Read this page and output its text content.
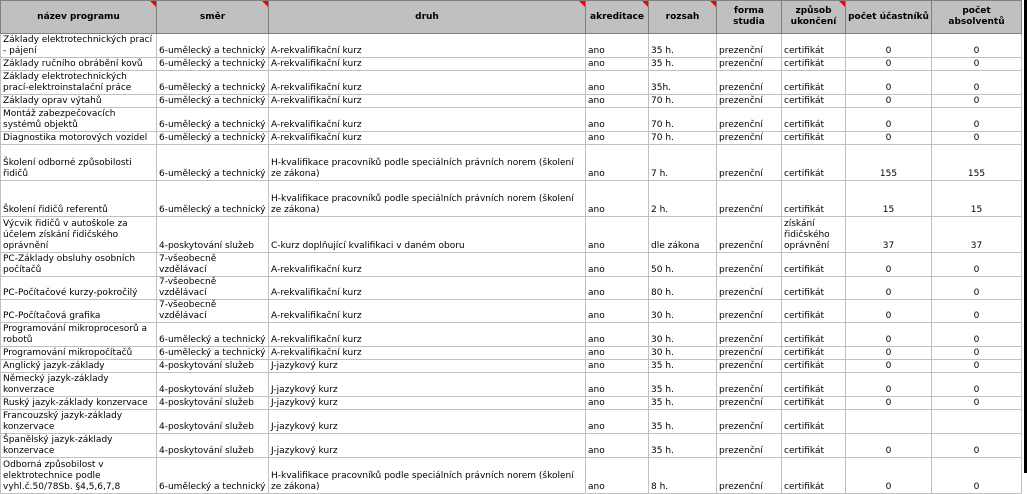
název programu	směr	druh	akreditace	rozsah	forma studia	způsob ukončení	počet účastníků	počet absolventů
Základy elektrotechnických prací - pájení	6-umělecký a technický	A-rekvalifikační kurz	ano	35 h.	prezenční	certifikát	0	0
Základy ručního obrábění kovů	6-umělecký a technický	A-rekvalifikační kurz	ano	35 h.	prezenční	certifikát	0	0
Základy elektrotechnických prací-elektroinstalační práce	6-umělecký a technický	A-rekvalifikační kurz	ano	35h.	prezenční	certifikát	0	0
Základy oprav výtahů	6-umělecký a technický	A-rekvalifikační kurz	ano	70 h.	prezenční	certifikát	0	0
Montáž zabezpečovacích systémů objektů	6-umělecký a technický	A-rekvalifikační kurz	ano	70 h.	prezenční	certifikát	0	0
Diagnostika motorových vozidel	6-umělecký a technický	A-rekvalifikační kurz	ano	70 h.	prezenční	certifikát	0	0
Školení odborné způsobilosti řidičů	6-umělecký a technický	H-kvalifikace pracovníků podle speciálních právních norem (školení ze zákona)	ano	7 h.	prezenční	certifikát	155	155
Školení řidičů referentů	6-umělecký a technický	H-kvalifikace pracovníků podle speciálních právních norem (školení ze zákona)	ano	2 h.	prezenční	certifikát	15	15
Výcvik řidičů v autoškole za účelem získání řidičského oprávnění	4-poskytování služeb	C-kurz doplňující kvalifikaci v daném oboru	ano	dle zákona	prezenční	získání řidičského oprávnění	37	37
PC-Základy obsluhy osobních počítačů	7-všeobecně vzdělávací	A-rekvalifikační kurz	ano	50 h.	prezenční	certifikát	0	0
PC-Počítačové kurzy-pokročilý	7-všeobecně vzdělávací	A-rekvalifikační kurz	ano	80 h.	prezenční	certifikát	0	0
PC-Počítačová grafika	7-všeobecně vzdělávací	A-rekvalifikační kurz	ano	30 h.	prezenční	certifikát	0	0
Programování mikroprocesorů a robotů	6-umělecký a technický	A-rekvalifikační kurz	ano	30 h.	prezenční	certifikát	0	0
Programování mikropočítačů	6-umělecký a technický	A-rekvalifikační kurz	ano	30 h.	prezenční	certifikát	0	0
Anglický jazyk-základy	4-poskytování služeb	J-jazykový kurz	ano	35 h.	prezenční	certifikát	0	0
Německý jazyk-základy konverzace	4-poskytování služeb	J-jazykový kurz	ano	35 h.	prezenční	certifikát	0	0
Ruský jazyk-základy konzervace	4-poskytování služeb	J-jazykový kurz	ano	35 h.	prezenční	certifikát	0	0
Francouzský jazyk-základy konzervace	4-poskytování služeb	J-jazykový kurz	ano	35 h.	prezenční	certifikát		
Španělský jazyk-základy konzervace	4-poskytování služeb	J-jazykový kurz	ano	35 h.	prezenční	certifikát	0	0
Odborná způsobilost v elektrotechnice podle vyhl.č.50/78Sb. §4,5,6,7,8	6-umělecký a technický	H-kvalifikace pracovníků podle speciálních právních norem (školení ze zákona)	ano	8 h.	prezenční	certifikát	0	0
